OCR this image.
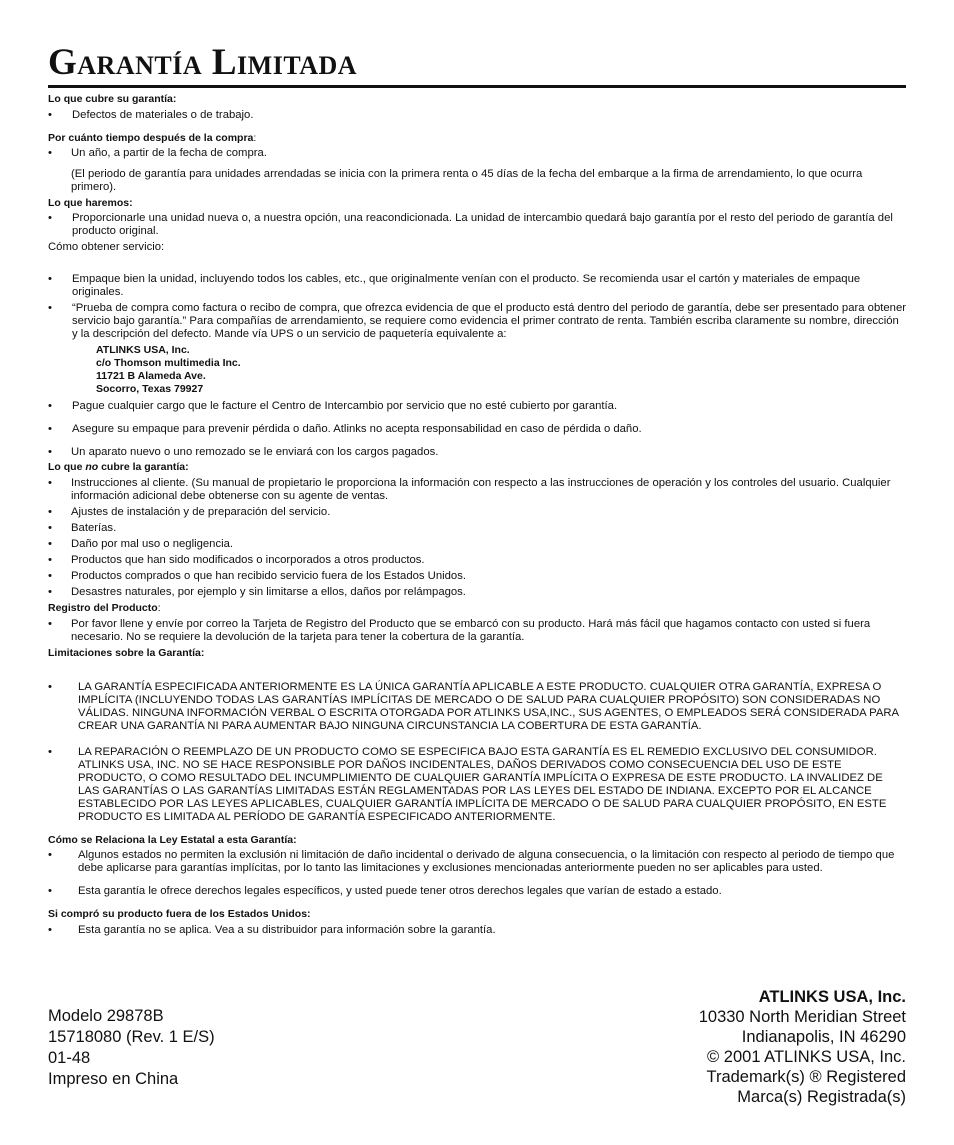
Garantía Limitada

Lo que cubre su garantía:

• Defectos de materiales o de trabajo.

Por cuánto tiempo después de la compra:

• Un año, a partir de la fecha de compra.

(El periodo de garantía para unidades arrendadas se inicia con la primera renta o 45 días de la fecha del embarque a la firma de arrendamiento, lo que ocurra primero).

Lo que haremos:

• Proporcionarle una unidad nueva o, a nuestra opción, una reacondicionada. La unidad de intercambio quedará bajo garantía por el resto del periodo de garantía del producto original.

Cómo obtener servicio:

• Empaque bien la unidad, incluyendo todos los cables, etc., que originalmente venían con el producto. Se recomienda usar el cartón y materiales de empaque originales.
• “Prueba de compra como factura o recibo de compra, que ofrezca evidencia de que el producto está dentro del periodo de garantía, debe ser presentado para obtener servicio bajo garantía.” Para compañías de arrendamiento, se requiere como evidencia el primer contrato de renta. También escriba claramente su nombre, dirección y la descripción del defecto. Mande vía UPS o un servicio de paquetería equivalente a:
ATLINKS USA, Inc.
c/o Thomson multimedia Inc.
11721 B Alameda Ave.
Socorro, Texas 79927
• Pague cualquier cargo que le facture el Centro de Intercambio por servicio que no esté cubierto por garantía.
• Asegure su empaque para prevenir pérdida o daño. Atlinks no acepta responsabilidad en caso de pérdida o daño.
• Un aparato nuevo o uno remozado se le enviará con los cargos pagados.

Lo que no cubre la garantía:

• Instrucciones al cliente. (Su manual de propietario le proporciona la información con respecto a las instrucciones de operación y los controles del usuario. Cualquier información adicional debe obtenerse con su agente de ventas.
• Ajustes de instalación y de preparación del servicio.
• Baterías.
• Daño por mal uso o negligencia.
• Productos que han sido modificados o incorporados a otros productos.
• Productos comprados o que han recibido servicio fuera de los Estados Unidos.
• Desastres naturales, por ejemplo y sin limitarse a ellos, daños por relámpagos.

Registro del Producto:

• Por favor llene y envíe por correo la Tarjeta de Registro del Producto que se embarcó con su producto. Hará más fácil que hagamos contacto con usted si fuera necesario. No se requiere la devolución de la tarjeta para tener la cobertura de la garantía.

Limitaciones sobre la Garantía:

• LA GARANTÍA ESPECIFICADA ANTERIORMENTE ES LA ÚNICA GARANTÍA APLICABLE A ESTE PRODUCTO. CUALQUIER OTRA GARANTÍA, EXPRESA O IMPLÍCITA (INCLUYENDO TODAS LAS GARANTÍAS IMPLÍCITAS DE MERCADO O DE SALUD PARA CUALQUIER PROPÓSITO) SON CONSIDERADAS NO VÁLIDAS. NINGUNA INFORMACIÓN VERBAL O ESCRITA OTORGADA POR ATLINKS USA,INC., SUS AGENTES, O EMPLEADOS SERÁ CONSIDERADA PARA CREAR UNA GARANTÍA NI PARA AUMENTAR BAJO NINGUNA CIRCUNSTANCIA LA COBERTURA DE ESTA GARANTÍA.
• LA REPARACIÓN O REEMPLAZO DE UN PRODUCTO COMO SE ESPECIFICA BAJO ESTA GARANTÍA ES EL REMEDIO EXCLUSIVO DEL CONSUMIDOR. ATLINKS USA, INC. NO SE HACE RESPONSIBLE POR DAÑOS INCIDENTALES, DAÑOS DERIVADOS COMO CONSECUENCIA DEL USO DE ESTE PRODUCTO, O COMO RESULTADO DEL INCUMPLIMIENTO DE CUALQUIER GARANTÍA IMPLÍCITA O EXPRESA DE ESTE PRODUCTO. LA INVALIDEZ DE LAS GARANTÍAS O LAS GARANTÍAS LIMITADAS ESTÁN REGLAMENTADAS POR LAS LEYES DEL ESTADO DE INDIANA. EXCEPTO POR EL ALCANCE ESTABLECIDO POR LAS LEYES APLICABLES, CUALQUIER GARANTÍA IMPLÍCITA DE MERCADO O DE SALUD PARA CUALQUIER PROPÓSITO, EN ESTE PRODUCTO ES LIMITADA AL PERÍODO DE GARANTÍA ESPECIFICADO ANTERIORMENTE.

Cómo se Relaciona la Ley Estatal a esta Garantía:

• Algunos estados no permiten la exclusión ni limitación de daño incidental o derivado de alguna consecuencia, o la limitación con respecto al periodo de tiempo que debe aplicarse para garantías implícitas, por lo tanto las limitaciones y exclusiones mencionadas anteriormente pueden no ser aplicables para usted.
• Esta garantía le ofrece derechos legales específicos, y usted puede tener otros derechos legales que varían de estado a estado.

Si compró su producto fuera de los Estados Unidos:

• Esta garantía no se aplica. Vea a su distribuidor para información sobre la garantía.
Modelo 29878B
15718080 (Rev. 1 E/S)
01-48
Impreso en China
ATLINKS USA, Inc.
10330 North Meridian Street
Indianapolis, IN 46290
© 2001 ATLINKS USA, Inc.
Trademark(s) ® Registered
Marca(s) Registrada(s)
